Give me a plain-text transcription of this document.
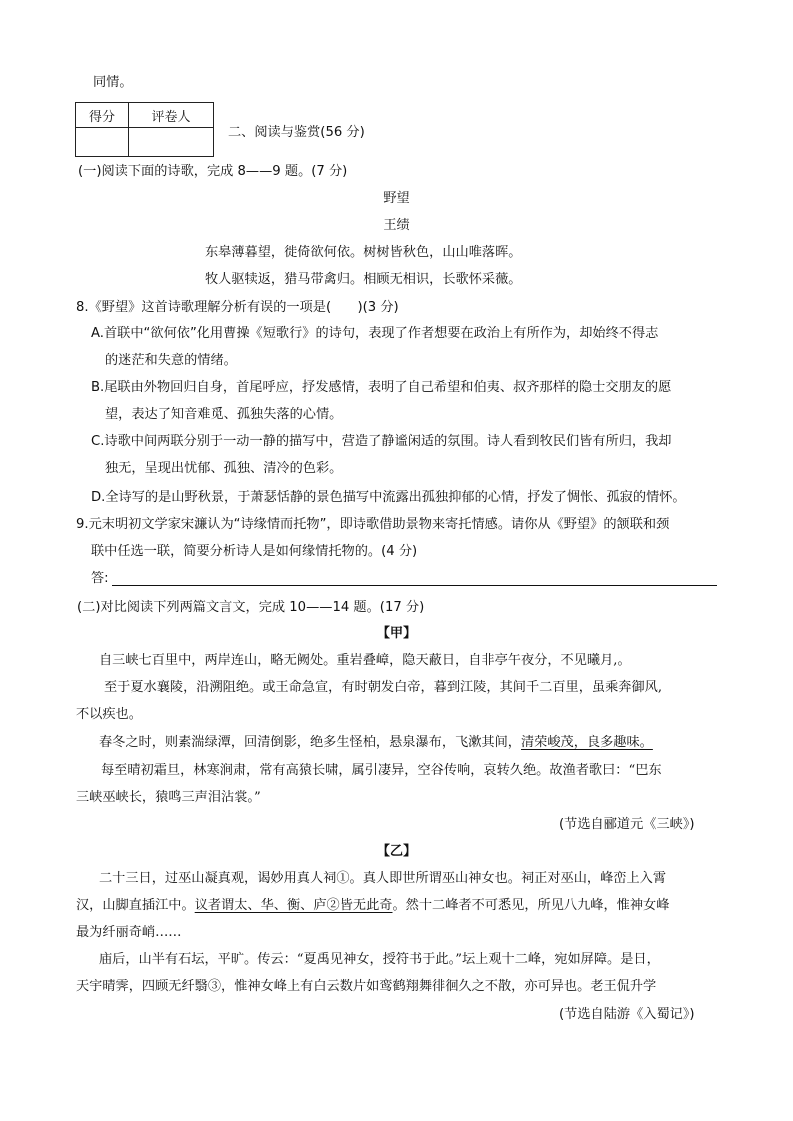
同情。
得分	评卷人

二、阅读与鉴赏(56 分)
(一)阅读下面的诗歌，完成 8——9 题。(7 分)
野望
王绩
东皋薄暮望，徙倚欲何依。树树皆秋色，山山唯落晖。
牧人驱犊返，猎马带禽归。相顾无相识，长歌怀采薇。
8.《野望》这首诗歌理解分析有误的一项是(　　)(3 分)
A.首联中“欲何依”化用曹操《短歌行》的诗句，表现了作者想要在政治上有所作为，却始终不得志
的迷茫和失意的情绪。
B.尾联由外物回归自身，首尾呼应，抒发感情，表明了自己希望和伯夷、叔齐那样的隐士交朋友的愿
望，表达了知音难觅、孤独失落的心情。
C.诗歌中间两联分别于一动一静的描写中，营造了静谧闲适的氛围。诗人看到牧民们皆有所归，我却
独无，呈现出忧郁、孤独、清冷的色彩。
D.全诗写的是山野秋景，于萧瑟恬静的景色描写中流露出孤独抑郁的心情，抒发了惆怅、孤寂的情怀。
9.元末明初文学家宋濂认为“诗缘情而托物”，即诗歌借助景物来寄托情感。请你从《野望》的颔联和颈
联中任选一联，简要分析诗人是如何缘情托物的。(4 分)
答:
(二)对比阅读下列两篇文言文，完成 10——14 题。(17 分)
【甲】
自三峡七百里中，两岸连山，略无阙处。重岩叠嶂，隐天蔽日，自非亭午夜分，不见曦月,。
至于夏水襄陵，沿溯阻绝。或王命急宣，有时朝发白帝，暮到江陵，其间千二百里，虽乘奔御风,
不以疾也。
春冬之时，则素湍绿潭，回清倒影，绝多生怪柏，悬泉瀑布，飞漱其间，清荣峻茂，良多趣味。
每至晴初霜旦，林寒涧肃，常有高猿长啸，属引凄异，空谷传响，哀转久绝。故渔者歌曰：“巴东
三峡巫峡长，猿鸣三声泪沾裳。”
(节选自郦道元《三峡》)
【乙】
二十三日，过巫山凝真观，谒妙用真人祠①。真人即世所谓巫山神女也。祠正对巫山，峰峦上入霄
汉，山脚直插江中。议者谓太、华、衡、庐②皆无此奇。然十二峰者不可悉见，所见八九峰，惟神女峰
最为纤丽奇峭……
庙后，山半有石坛，平旷。传云：“夏禹见神女，授符书于此。”坛上观十二峰，宛如屏障。是日，
天宇晴霁，四顾无纤翳③，惟神女峰上有白云数片如鸾鹤翔舞徘徊久之不散，亦可异也。老王侃升学
(节选自陆游《入蜀记》)
